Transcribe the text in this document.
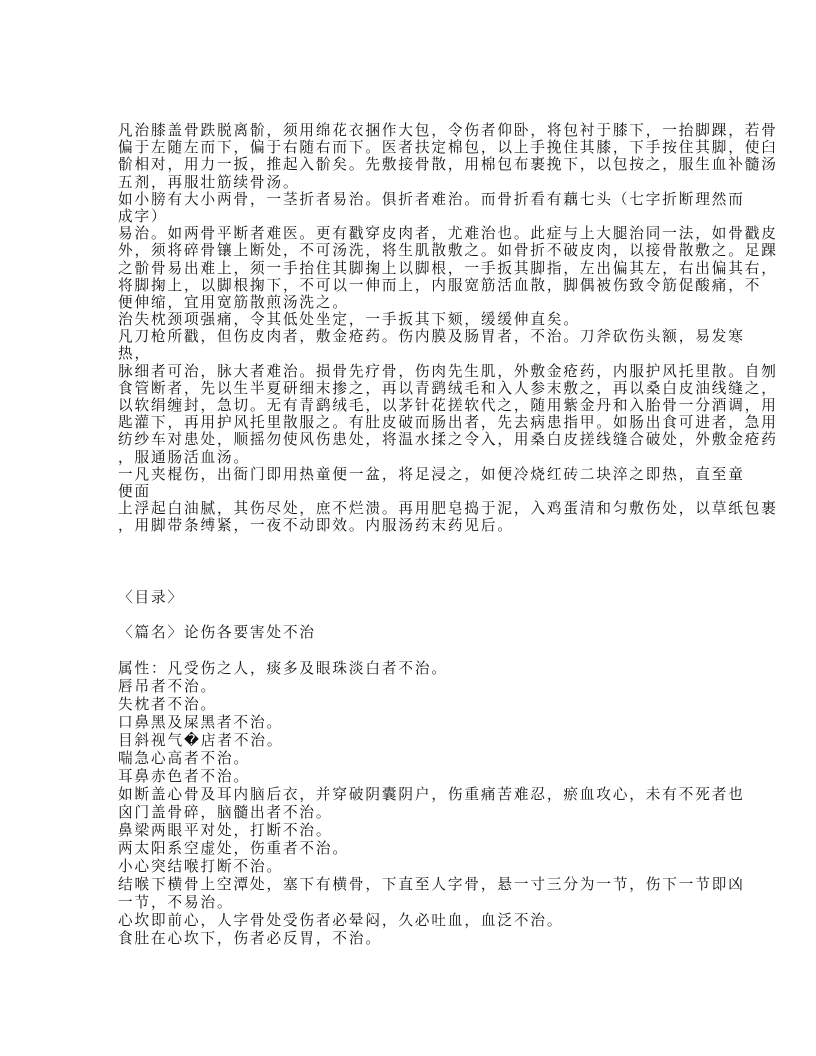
凡治膝盖骨跌脱离骱，须用绵花衣捆作大包，令伤者仰卧，将包衬于膝下，一抬脚踝，若骨
偏于左随左而下，偏于右随右而下。医者扶定棉包，以上手挽住其膝，下手按住其脚，使臼
骱相对，用力一扳，推起入骱矣。先敷接骨散，用棉包布裹挽下，以包按之，服生血补髓汤
五剂，再服壮筋续骨汤。
如小膀有大小两骨，一茎折者易治。俱折者难治。而骨折看有藕七头（七字折断理然而
成字）
易治。如两骨平断者难医。更有戳穿皮肉者，尤难治也。此症与上大腿治同一法，如骨戳皮
外，须将碎骨镶上断处，不可汤洗，将生肌散敷之。如骨折不破皮肉，以接骨散敷之。足踝
之骱骨易出难上，须一手抬住其脚掬上以脚根，一手扳其脚指，左出偏其左，右出偏其右，
将脚掬上，以脚根掬下，不可以一伸而上，内服宽筋活血散，脚偶被伤致令筋促酸痛，不
便伸缩，宜用宽筋散煎汤洗之。
治失枕颈项强痛，令其低处坐定，一手扳其下颏，缓缓伸直矣。
凡刀枪所戳，但伤皮肉者，敷金疮药。伤内膜及肠胃者，不治。刀斧砍伤头额，易发寒
热，
脉细者可治，脉大者难治。损骨先疗骨，伤肉先生肌，外敷金疮药，内服护风托里散。自刎
食管断者，先以生半夏研细末掺之，再以青鹞绒毛和入人参末敷之，再以桑白皮油线缝之，
以软绢缠封，急切。无有青鹞绒毛，以茅针花搓软代之，随用紫金丹和入胎骨一分酒调，用
匙灌下，再用护风托里散服之。有肚皮破而肠出者，先去病患指甲。如肠出食可进者，急用
纺纱车对患处，顺摇勿使风伤患处，将温水揉之令入，用桑白皮搓线缝合破处，外敷金疮药
，服通肠活血汤。
一凡夹棍伤，出衙门即用热童便一盆，将足浸之，如便冷烧红砖二块淬之即热，直至童
便面
上浮起白油腻，其伤尽处，庶不烂溃。再用肥皂捣于泥，入鸡蛋清和匀敷伤处，以草纸包裹
，用脚带条缚紧，一夜不动即效。内服汤药末药见后。
〈目录〉
〈篇名〉论伤各要害处不治
属性：凡受伤之人，痰多及眼珠淡白者不治。
唇吊者不治。
失枕者不治。
口鼻黑及屎黑者不治。
目斜视气�店者不治。
喘急心高者不治。
耳鼻赤色者不治。
如断盖心骨及耳内脑后衣，并穿破阴囊阴户，伤重痛苦难忍，瘀血攻心，未有不死者也
囟门盖骨碎，脑髓出者不治。
鼻梁两眼平对处，打断不治。
两太阳系空虚处，伤重者不治。
小心突结喉打断不治。
结喉下横骨上空潭处，塞下有横骨，下直至人字骨，悬一寸三分为一节，伤下一节即凶
一节，不易治。
心坎即前心，人字骨处受伤者必晕闷，久必吐血，血泛不治。
食肚在心坎下，伤者必反胃，不治。
